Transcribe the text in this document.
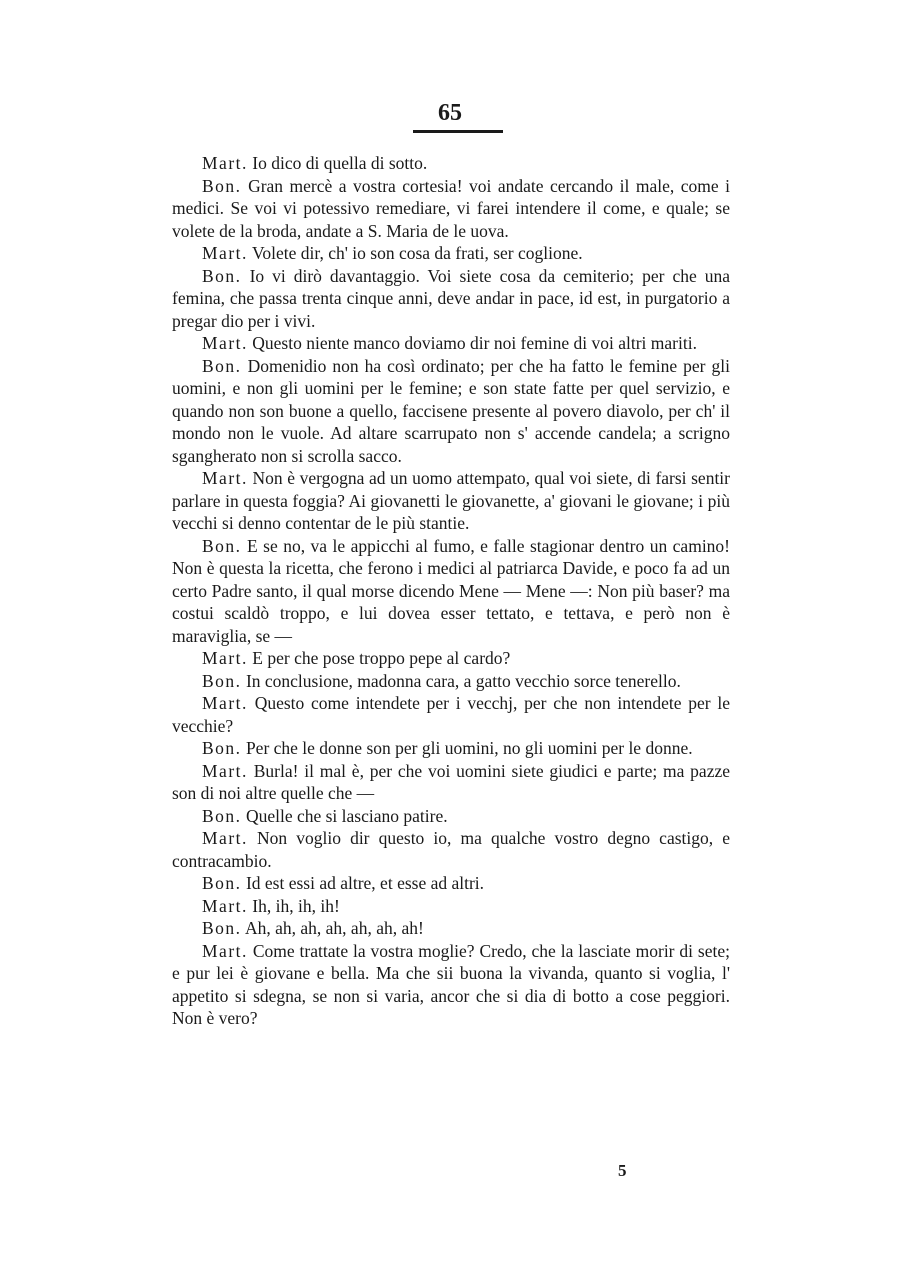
65

Mart. Io dico di quella di sotto.

Bon. Gran mercè a vostra cortesia! voi andate cercando il male, come i medici. Se voi vi potessivo remediare, vi farei intendere il come, e quale; se volete de la broda, andate a S. Maria de le uova.

Mart. Volete dir, ch' io son cosa da frati, ser coglione.

Bon. Io vi dirò davantaggio. Voi siete cosa da cemiterio; per che una femina, che passa trenta cinque anni, deve andar in pace, id est, in purgatorio a pregar dio per i vivi.

Mart. Questo niente manco doviamo dir noi femine di voi altri mariti.

Bon. Domenidio non ha così ordinato; per che ha fatto le femine per gli uomini, e non gli uomini per le femine; e son state fatte per quel servizio, e quando non son buone a quello, faccisene presente al povero diavolo, per ch' il mondo non le vuole. Ad altare scarrupato non s' accende candela; a scrigno sgangherato non si scrolla sacco.

Mart. Non è vergogna ad un uomo attempato, qual voi siete, di farsi sentir parlare in questa foggia? Ai giovanetti le giovanette, a' giovani le giovane; i più vecchi si denno contentar de le più stantie.

Bon. E se no, va le appicchi al fumo, e falle stagionar dentro un camino! Non è questa la ricetta, che ferono i medici al patriarca Davide, e poco fa ad un certo Padre santo, il qual morse dicendo Mene — Mene —: Non più baser? ma costui scaldò troppo, e lui dovea esser tettato, e tettava, e però non è maraviglia, se —

Mart. E per che pose troppo pepe al cardo?

Bon. In conclusione, madonna cara, a gatto vecchio sorce tenerello.

Mart. Questo come intendete per i vecchj, per che non intendete per le vecchie?

Bon. Per che le donne son per gli uomini, no gli uomini per le donne.

Mart. Burla! il mal è, per che voi uomini siete giudici e parte; ma pazze son di noi altre quelle che —

Bon. Quelle che si lasciano patire.

Mart. Non voglio dir questo io, ma qualche vostro degno castigo, e contracambio.

Bon. Id est essi ad altre, et esse ad altri.

Mart. Ih, ih, ih, ih!

Bon. Ah, ah, ah, ah, ah, ah, ah!

Mart. Come trattate la vostra moglie? Credo, che la lasciate morir di sete; e pur lei è giovane e bella. Ma che sii buona la vivanda, quanto si voglia, l' appetito si sdegna, se non si varia, ancor che si dia di botto a cose peggiori. Non è vero?

5
